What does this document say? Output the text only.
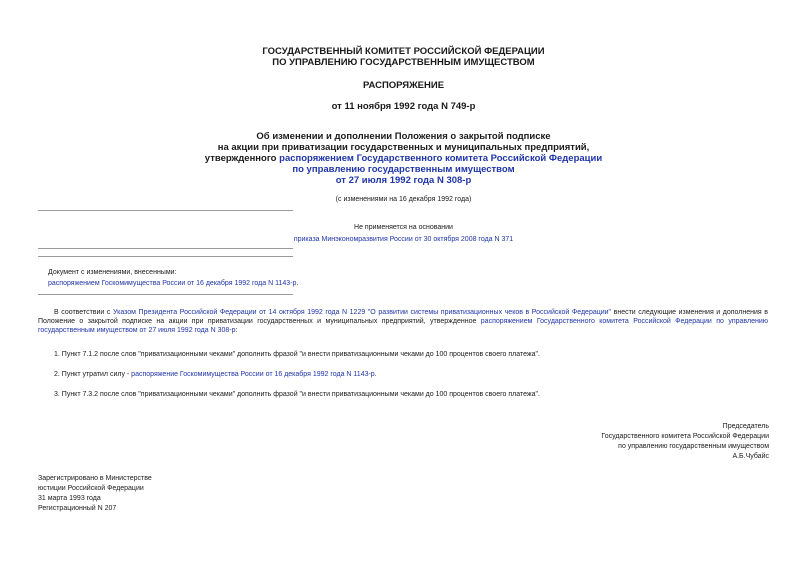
ГОСУДАРСТВЕННЫЙ КОМИТЕТ РОССИЙСКОЙ ФЕДЕРАЦИИ
ПО УПРАВЛЕНИЮ ГОСУДАРСТВЕННЫМ ИМУЩЕСТВОМ
РАСПОРЯЖЕНИЕ
от 11 ноября 1992 года N 749-р
Об изменении и дополнении Положения о закрытой подписке
на акции при приватизации государственных и муниципальных предприятий,
утвержденного распоряжением Государственного комитета Российской Федерации
по управлению государственным имуществом
от 27 июля 1992 года N 308-р
(с изменениями на 16 декабря 1992 года)
Не применяется на основании
приказа Минэкономразвития России от 30 октября 2008 года N 371
Документ с изменениями, внесенными:
распоряжением Госкомимущества России от 16 декабря 1992 года N 1143-р.
В соответствии с Указом Президента Российской Федерации от 14 октября 1992 года N 1229 "О развитии системы приватизационных чеков в Российской Федерации" внести следующие изменения и дополнения в Положение о закрытой подписке на акции при приватизации государственных и муниципальных предприятий, утвержденное распоряжением Государственного комитета Российской Федерации по управлению государственным имуществом от 27 июля 1992 года N 308-р:
1. Пункт 7.1.2 после слов "приватизационными чеками" дополнить фразой "и внести приватизационными чеками до 100 процентов своего платежа".
2. Пункт утратил силу - распоряжение Госкомимущества России от 16 декабря 1992 года N 1143-р.
3. Пункт 7.3.2 после слов "приватизационными чеками" дополнить фразой "и внести приватизационными чеками до 100 процентов своего платежа".
Председатель
Государственного комитета Российской Федерации
по управлению государственным имуществом
А.Б.Чубайс
Зарегистрировано в Министерстве
юстиции Российской Федерации
31 марта 1993 года
Регистрационный N 207
